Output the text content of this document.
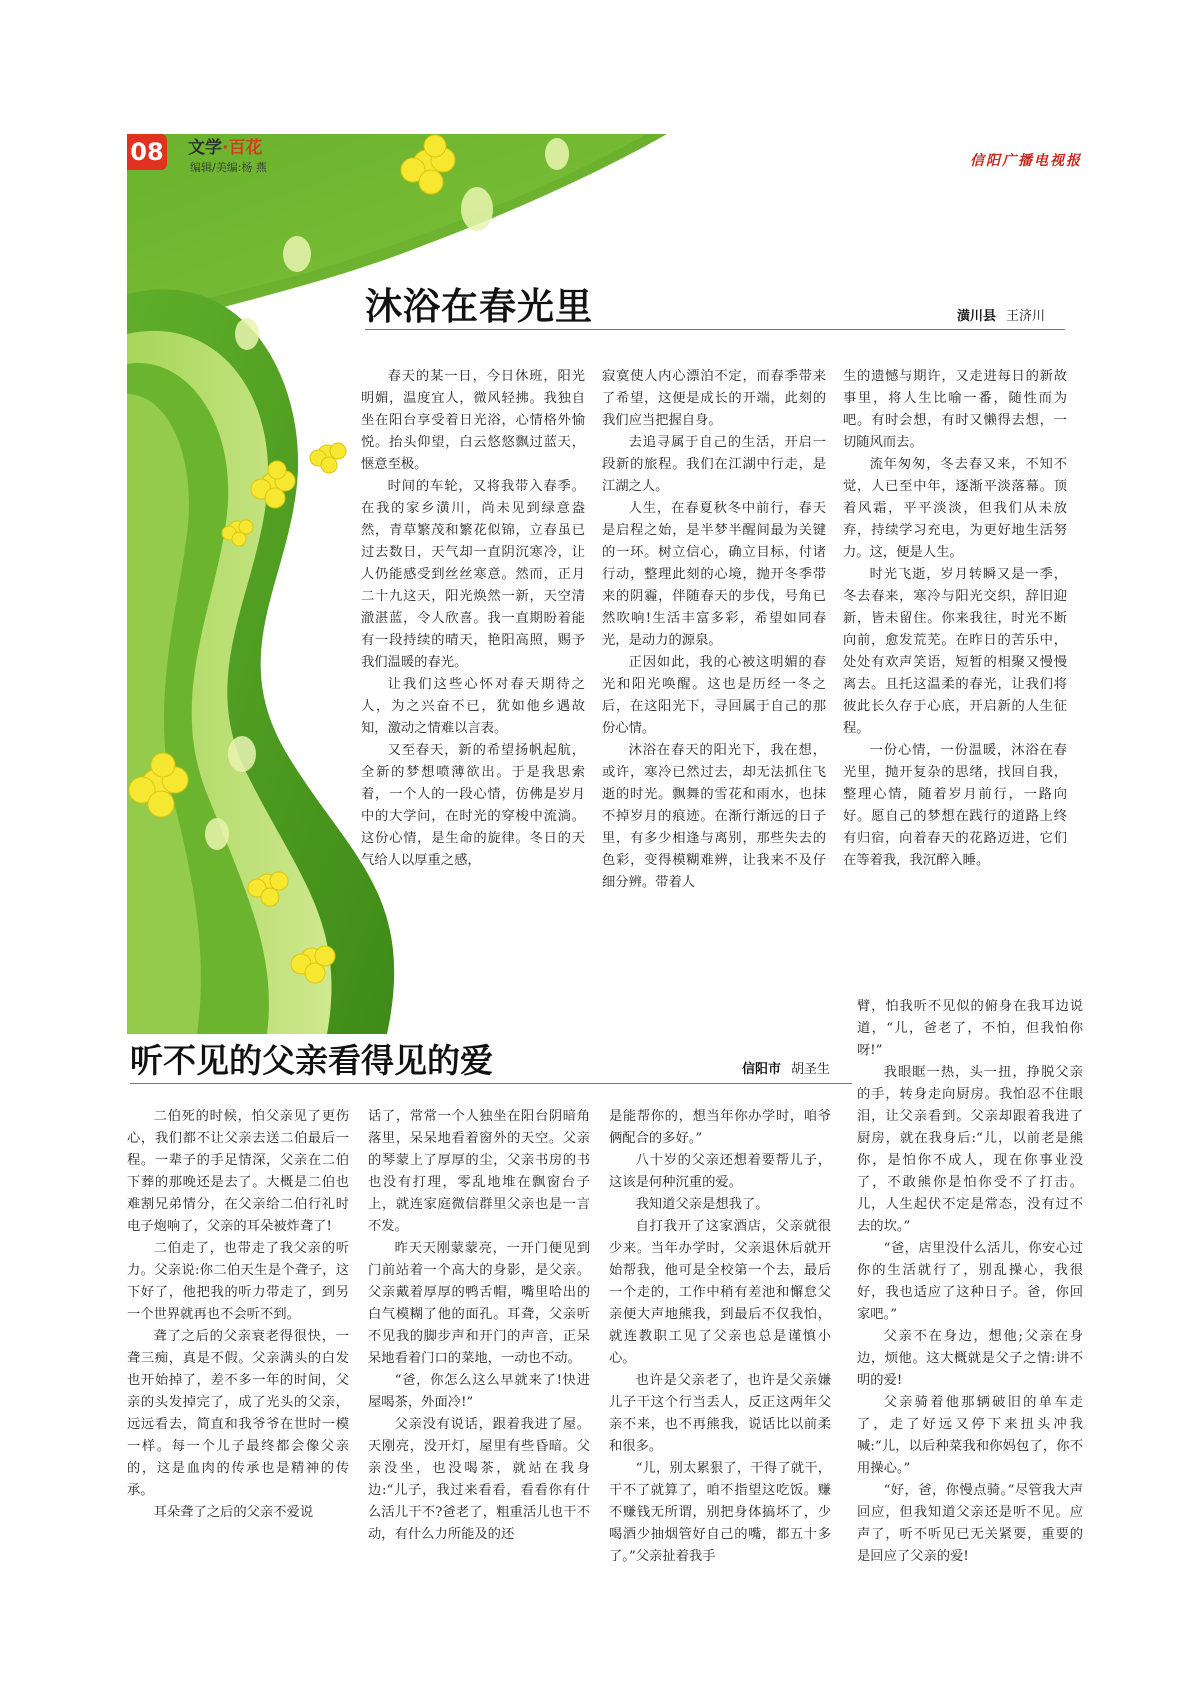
08 文学·百花
编辑/美编:杨 燕	信阳广播电视报
沐浴在春光里	潢川县 王济川

春天的某一日，今日休班，阳光明媚，温度宜人，微风轻拂。我独自坐在阳台享受着日光浴，心情格外愉悦。抬头仰望，白云悠悠飘过蓝天，惬意至极。

时间的车轮，又将我带入春季。在我的家乡潢川，尚未见到绿意盎然，青草繁茂和繁花似锦，立春虽已过去数日，天气却一直阴沉寒冷，让人仍能感受到丝丝寒意。然而，正月二十九这天，阳光焕然一新，天空清澈湛蓝，令人欣喜。我一直期盼着能有一段持续的晴天，艳阳高照，赐予我们温暖的春光。

让我们这些心怀对春天期待之人，为之兴奋不已，犹如他乡遇故知，激动之情难以言表。

又至春天，新的希望扬帆起航，全新的梦想喷薄欲出。于是我思索着，一个人的一段心情，仿佛是岁月中的大学问，在时光的穿梭中流淌。这份心情，是生命的旋律。冬日的天气给人以厚重之感，

寂寞使人内心漂泊不定，而春季带来了希望，这便是成长的开端，此刻的我们应当把握自身。

去追寻属于自己的生活，开启一段新的旅程。我们在江湖中行走，是江湖之人。

人生，在春夏秋冬中前行，春天是启程之始，是半梦半醒间最为关键的一环。树立信心，确立目标，付诸行动，整理此刻的心境，抛开冬季带来的阴霾，伴随春天的步伐，号角已然吹响!生活丰富多彩，希望如同春光，是动力的源泉。

正因如此，我的心被这明媚的春光和阳光唤醒。这也是历经一冬之后，在这阳光下，寻回属于自己的那份心情。

沐浴在春天的阳光下，我在想，或许，寒冷已然过去，却无法抓住飞逝的时光。飘舞的雪花和雨水，也抹不掉岁月的痕迹。在渐行渐远的日子里，有多少相逢与离别，那些失去的色彩，变得模糊难辨，让我来不及仔细分辨。带着人

生的遗憾与期许，又走进每日的新故事里，将人生比喻一番，随性而为吧。有时会想，有时又懒得去想，一切随风而去。

流年匆匆，冬去春又来，不知不觉，人已至中年，逐渐平淡落幕。顶着风霜，平平淡淡，但我们从未放弃，持续学习充电，为更好地生活努力。这，便是人生。

时光飞逝，岁月转瞬又是一季，冬去春来，寒冷与阳光交织，辞旧迎新，皆未留住。你来我往，时光不断向前，愈发荒芜。在昨日的苦乐中，处处有欢声笑语，短暂的相聚又慢慢离去。且托这温柔的春光，让我们将彼此长久存于心底，开启新的人生征程。

一份心情，一份温暖，沐浴在春光里，抛开复杂的思绪，找回自我，整理心情，随着岁月前行，一路向好。愿自己的梦想在践行的道路上终有归宿，向着春天的花路迈进，它们在等着我，我沉醉入睡。

听不见的父亲看得见的爱	信阳市 胡圣生

二伯死的时候，怕父亲见了更伤心，我们都不让父亲去送二伯最后一程。一辈子的手足情深，父亲在二伯下葬的那晚还是去了。大概是二伯也难割兄弟情分，在父亲给二伯行礼时电子炮响了，父亲的耳朵被炸聋了!

二伯走了，也带走了我父亲的听力。父亲说:你二伯天生是个聋子，这下好了，他把我的听力带走了，到另一个世界就再也不会听不到。

聋了之后的父亲衰老得很快，一聋三痴，真是不假。父亲满头的白发也开始掉了，差不多一年的时间，父亲的头发掉完了，成了光头的父亲，远远看去，简直和我爷爷在世时一模一样。每一个儿子最终都会像父亲的，这是血肉的传承也是精神的传承。

耳朵聋了之后的父亲不爱说

话了，常常一个人独坐在阳台阴暗角落里，呆呆地看着窗外的天空。父亲的琴蒙上了厚厚的尘，父亲书房的书也没有打理，零乱地堆在飘窗台子上，就连家庭微信群里父亲也是一言不发。

昨天天刚蒙蒙亮，一开门便见到门前站着一个高大的身影，是父亲。父亲戴着厚厚的鸭舌帽，嘴里哈出的白气模糊了他的面孔。耳聋，父亲听不见我的脚步声和开门的声音，正呆呆地看着门口的菜地，一动也不动。

“爸，你怎么这么早就来了!快进屋喝茶，外面冷!”

父亲没有说话，跟着我进了屋。天刚亮，没开灯，屋里有些昏暗。父亲没坐，也没喝茶，就站在我身边:“儿子，我过来看看，看看你有什么活儿干不?爸老了，粗重活儿也干不动，有什么力所能及的还

是能帮你的，想当年你办学时，咱爷俩配合的多好。”

八十岁的父亲还想着要帮儿子，这该是何种沉重的爱。

我知道父亲是想我了。

自打我开了这家酒店，父亲就很少来。当年办学时，父亲退休后就开始帮我，他可是全校第一个去，最后一个走的，工作中稍有差池和懈怠父亲便大声地熊我，到最后不仅我怕，就连教职工见了父亲也总是谨慎小心。

也许是父亲老了，也许是父亲嫌儿子干这个行当丢人，反正这两年父亲不来，也不再熊我，说话比以前柔和很多。

“儿，别太累狠了，干得了就干，干不了就算了，咱不指望这吃饭。赚不赚钱无所谓，别把身体搞坏了，少喝酒少抽烟管好自己的嘴，都五十多了。”父亲扯着我手

臂，怕我听不见似的俯身在我耳边说道，“儿，爸老了，不怕，但我怕你呀!”

我眼眶一热，头一扭，挣脱父亲的手，转身走向厨房。我怕忍不住眼泪，让父亲看到。父亲却跟着我进了厨房，就在我身后:“儿，以前老是熊你，是怕你不成人，现在你事业没了，不敢熊你是怕你受不了打击。儿，人生起伏不定是常态，没有过不去的坎。”

“爸，店里没什么活儿，你安心过你的生活就行了，别乱操心，我很好，我也适应了这种日子。爸，你回家吧。”

父亲不在身边，想他;父亲在身边，烦他。这大概就是父子之情:讲不明的爱!

父亲骑着他那辆破旧的单车走了，走了好远又停下来扭头冲我喊:“儿，以后种菜我和你妈包了，你不用操心。”

“好，爸，你慢点骑。”尽管我大声回应，但我知道父亲还是听不见。应声了，听不听见已无关紧要，重要的是回应了父亲的爱!
